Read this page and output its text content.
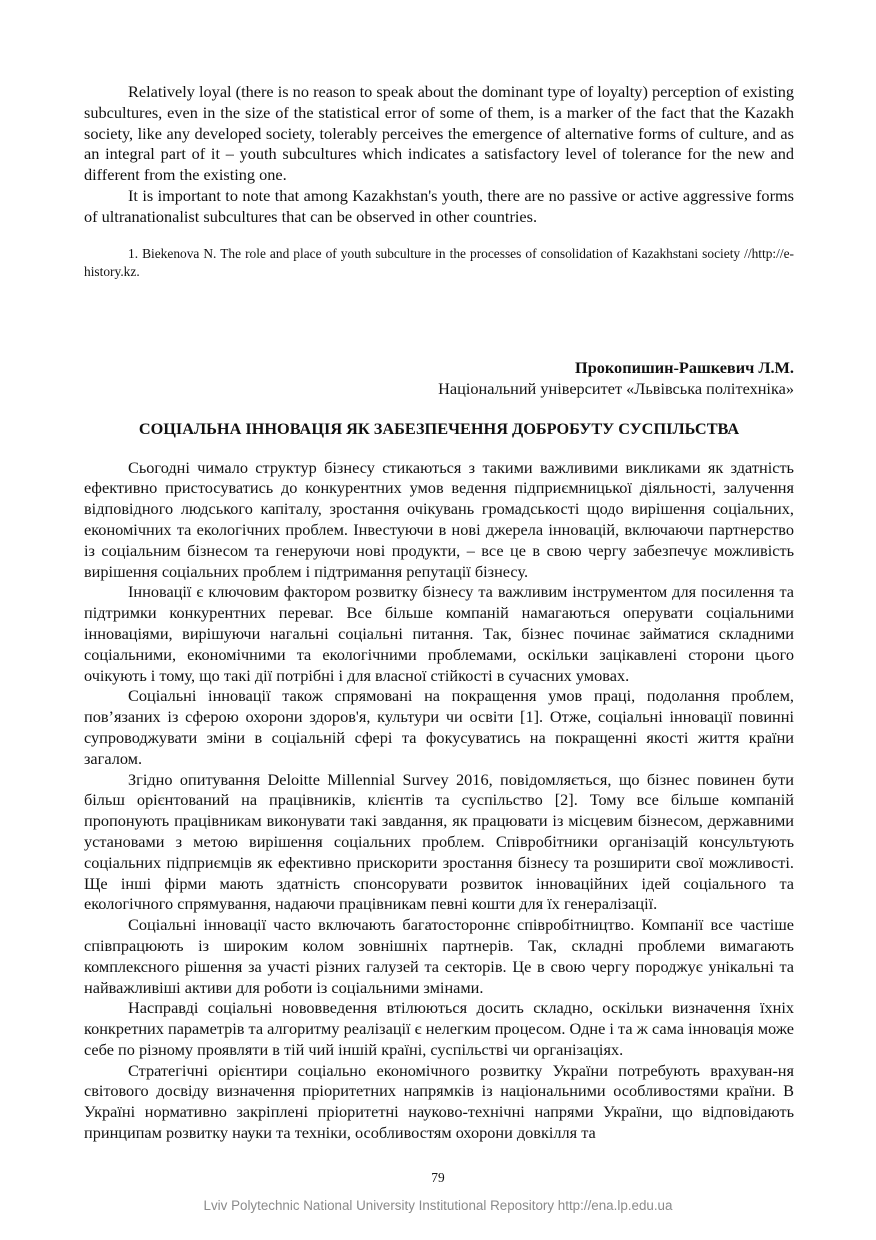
Relatively loyal (there is no reason to speak about the dominant type of loyalty) perception of existing subcultures, even in the size of the statistical error of some of them, is a marker of the fact that the Kazakh society, like any developed society, tolerably perceives the emergence of alternative forms of culture, and as an integral part of it – youth subcultures which indicates a satisfactory level of tolerance for the new and different from the existing one.

It is important to note that among Kazakhstan's youth, there are no passive or active aggressive forms of ultranationalist subcultures that can be observed in other countries.

1. Biekenova N. The role and place of youth subculture in the processes of consolidation of Kazakhstani society //http://e-history.kz.

Прокопишин-Рашкевич Л.М.
Національний університет «Львівська політехніка»
СОЦІАЛЬНА ІННОВАЦІЯ ЯК ЗАБЕЗПЕЧЕННЯ ДОБРОБУТУ СУСПІЛЬСТВА

Сьогодні чимало структур бізнесу стикаються з такими важливими викликами як здатність ефективно пристосуватись до конкурентних умов ведення підприємницької діяльності, залучення відповідного людського капіталу, зростання очікувань громадськості щодо вирішення соціальних, економічних та екологічних проблем. Інвестуючи в нові джерела інновацій, включаючи партнерство із соціальним бізнесом та генеруючи нові продукти, – все це в свою чергу забезпечує можливість вирішення соціальних проблем і підтримання репутації бізнесу.

Інновації є ключовим фактором розвитку бізнесу та важливим інструментом для посилення та підтримки конкурентних переваг. Все більше компаній намагаються оперувати соціальними інноваціями, вирішуючи нагальні соціальні питання. Так, бізнес починає займатися складними соціальними, економічними та екологічними проблемами, оскільки зацікавлені сторони цього очікують і тому, що такі дії потрібні і для власної стійкості в сучасних умовах.

Соціальні інновації також спрямовані на покращення умов праці, подолання проблем, пов’язаних із сферою охорони здоров'я, культури чи освіти [1]. Отже, соціальні інновації повинні супроводжувати зміни в соціальній сфері та фокусуватись на покращенні якості життя країни загалом.

Згідно опитування Deloitte Millennial Survey 2016, повідомляється, що бізнес повинен бути більш орієнтований на працівників, клієнтів та суспільство [2]. Тому все більше компаній пропонують працівникам виконувати такі завдання, як працювати із місцевим бізнесом, державними установами з метою вирішення соціальних проблем. Співробітники організацій консультують соціальних підприємців як ефективно прискорити зростання бізнесу та розширити свої можливості. Ще інші фірми мають здатність спонсорувати розвиток інноваційних ідей соціального та екологічного спрямування, надаючи працівникам певні кошти для їх генералізації.

Соціальні інновації часто включають багатостороннє співробітництво. Компанії все частіше співпрацюють із широким колом зовнішніх партнерів. Так, складні проблеми вимагають комплексного рішення за участі різних галузей та секторів. Це в свою чергу породжує унікальні та найважливіші активи для роботи із соціальними змінами.

Насправді соціальні нововведення втілюються досить складно, оскільки визначення їхніх конкретних параметрів та алгоритму реалізації є нелегким процесом. Одне і та ж сама інновація може себе по різному проявляти в тій чий іншій країні, суспільстві чи організаціях.

Стратегічні орієнтири соціально економічного розвитку України потребують врахуван-ня світового досвіду визначення пріоритетних напрямків із національними особливостями країни. В Україні нормативно закріплені пріоритетні науково-технічні напрями України, що відповідають принципам розвитку науки та техніки, особливостям охорони довкілля та

79
Lviv Polytechnic National University Institutional Repository http://ena.lp.edu.ua
